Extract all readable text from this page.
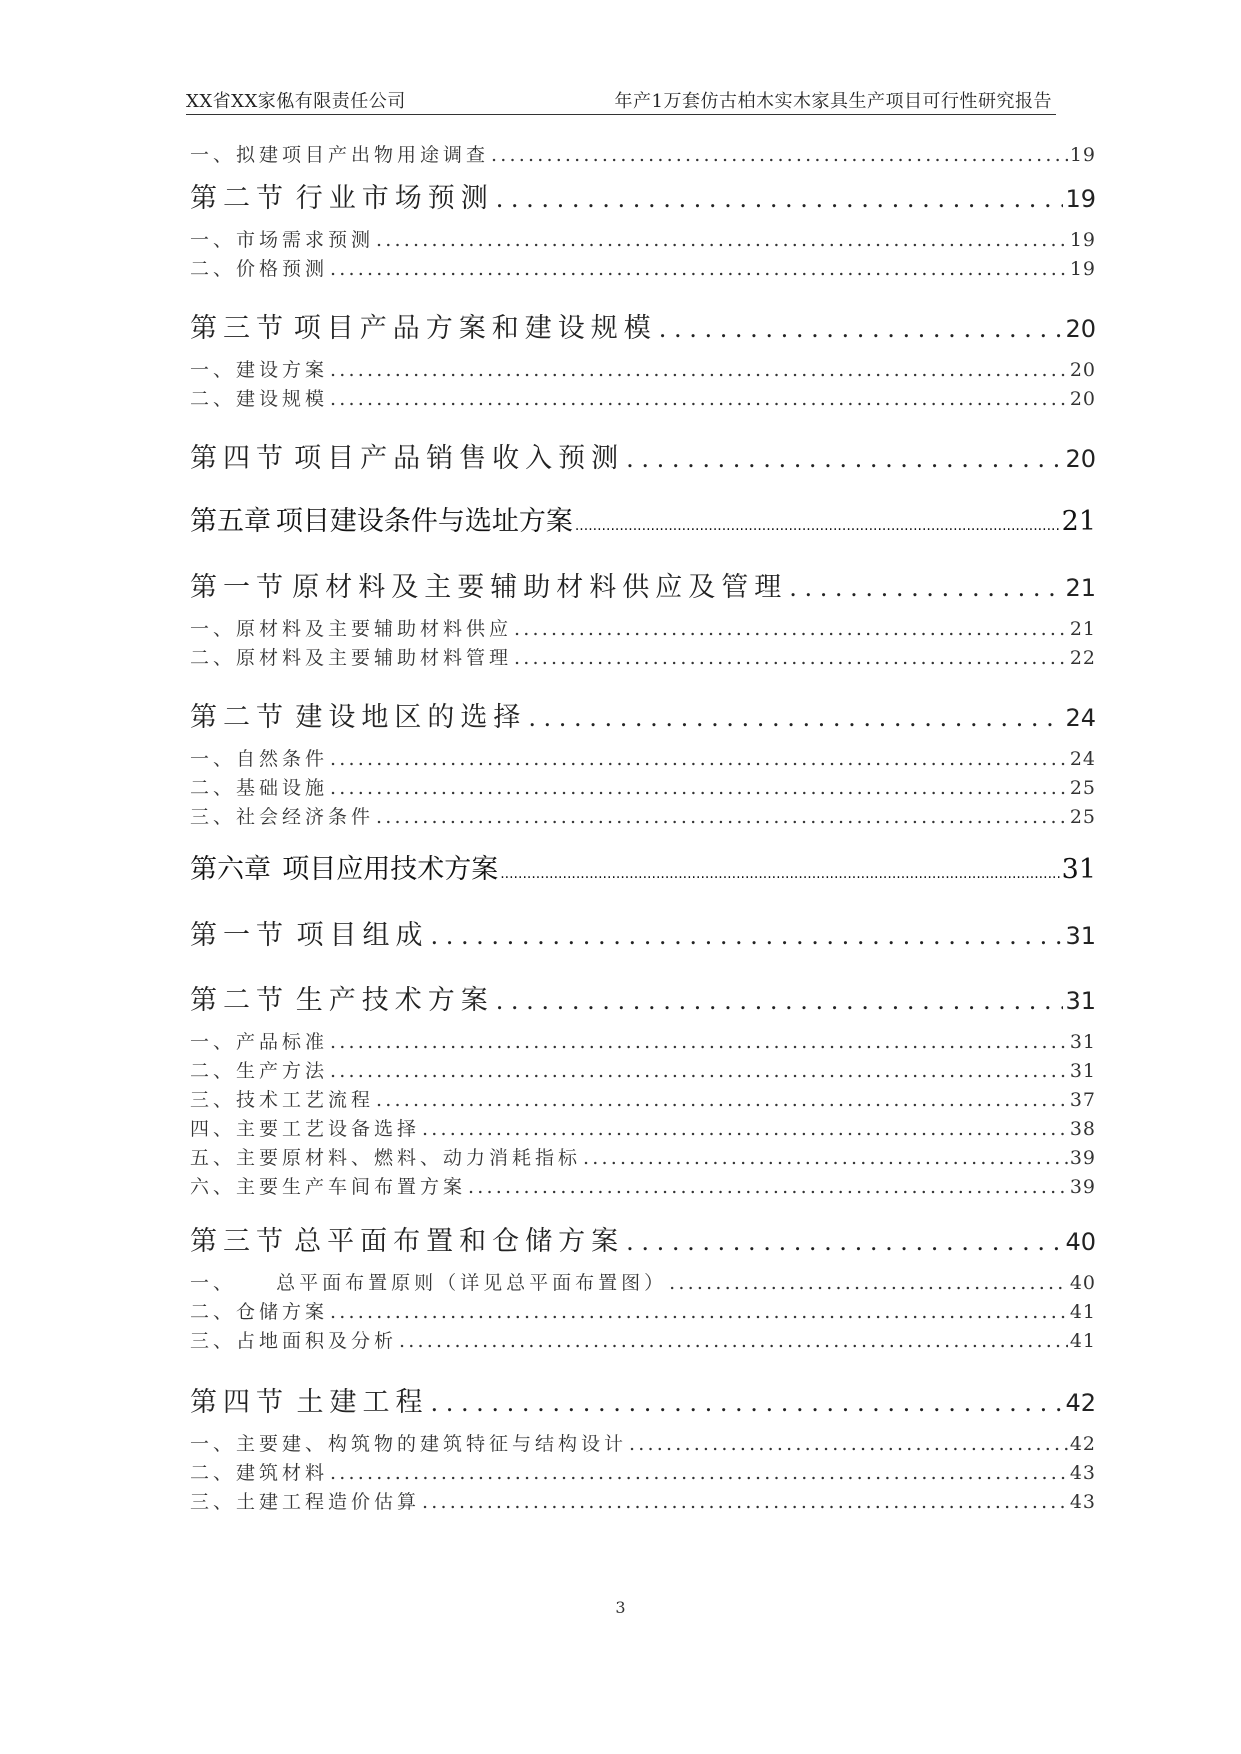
XX省XX家俬有限责任公司	年产1万套仿古柏木实木家具生产项目可行性研究报告
一、拟建项目产出物用途调查 .....	19
第二节 行业市场预测 .....	19
一、市场需求预测 .....	19
二、价格预测 .....	19
第三节 项目产品方案和建设规模 .....	20
一、建设方案 .....	20
二、建设规模 .....	20
第四节 项目产品销售收入预测 .....	20
第五章 项目建设条件与选址方案 .....	21
第一节 原材料及主要辅助材料供应及管理 .....	21
一、原材料及主要辅助材料供应 .....	21
二、原材料及主要辅助材料管理 .....	22
第二节 建设地区的选择 .....	24
一、自然条件 .....	24
二、基础设施 .....	25
三、社会经济条件 .....	25
第六章 项目应用技术方案 .....	31
第一节 项目组成 .....	31
第二节 生产技术方案 .....	31
一、产品标准 .....	31
二、生产方法 .....	31
三、技术工艺流程 .....	37
四、主要工艺设备选择 .....	38
五、主要原材料、燃料、动力消耗指标 .....	39
六、主要生产车间布置方案 .....	39
第三节 总平面布置和仓储方案 .....	40
一、    总平面布置原则（详见总平面布置图） .....	40
二、仓储方案 .....	41
三、占地面积及分析 .....	41
第四节 土建工程 .....	42
一、主要建、构筑物的建筑特征与结构设计 .....	42
二、建筑材料 .....	43
三、土建工程造价估算 .....	43
3
